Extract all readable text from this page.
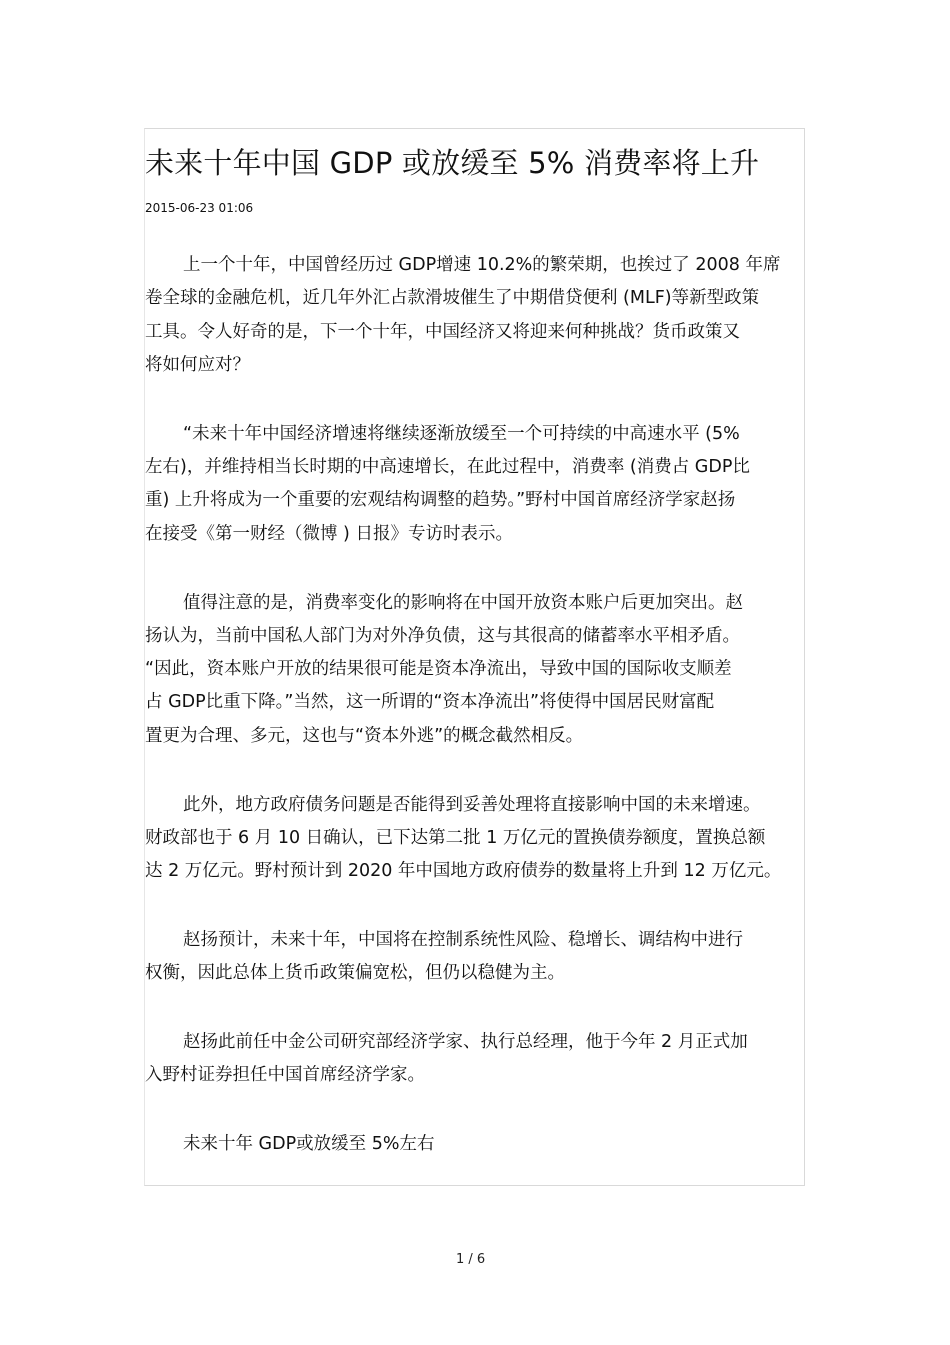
未来十年中国 GDP 或放缓至 5% 消费率将上升
2015-06-23 01:06
上一个十年，中国曾经历过 GDP增速 10.2%的繁荣期，也挨过了 2008 年席
卷全球的金融危机，近几年外汇占款滑坡催生了中期借贷便利 (MLF)等新型政策
工具。令人好奇的是，下一个十年，中国经济又将迎来何种挑战？货币政策又
将如何应对？
“未来十年中国经济增速将继续逐渐放缓至一个可持续的中高速水平 (5%
左右)，并维持相当长时期的中高速增长，在此过程中，消费率 (消费占 GDP比
重) 上升将成为一个重要的宏观结构调整的趋势。”野村中国首席经济学家赵扬
在接受《第一财经（微博 ) 日报》专访时表示。
值得注意的是，消费率变化的影响将在中国开放资本账户后更加突出。赵
扬认为，当前中国私人部门为对外净负债，这与其很高的储蓄率水平相矛盾。
“因此，资本账户开放的结果很可能是资本净流出，导致中国的国际收支顺差
占 GDP比重下降。”当然，这一所谓的“资本净流出”将使得中国居民财富配
置更为合理、多元，这也与“资本外逃”的概念截然相反。
此外，地方政府债务问题是否能得到妥善处理将直接影响中国的未来增速。
财政部也于 6 月 10 日确认，已下达第二批 1 万亿元的置换债券额度，置换总额
达 2 万亿元。野村预计到 2020 年中国地方政府债券的数量将上升到 12 万亿元。
赵扬预计，未来十年，中国将在控制系统性风险、稳增长、调结构中进行
权衡，因此总体上货币政策偏宽松，但仍以稳健为主。
赵扬此前任中金公司研究部经济学家、执行总经理，他于今年 2 月正式加
入野村证券担任中国首席经济学家。
未来十年 GDP或放缓至 5%左右
1 / 6
